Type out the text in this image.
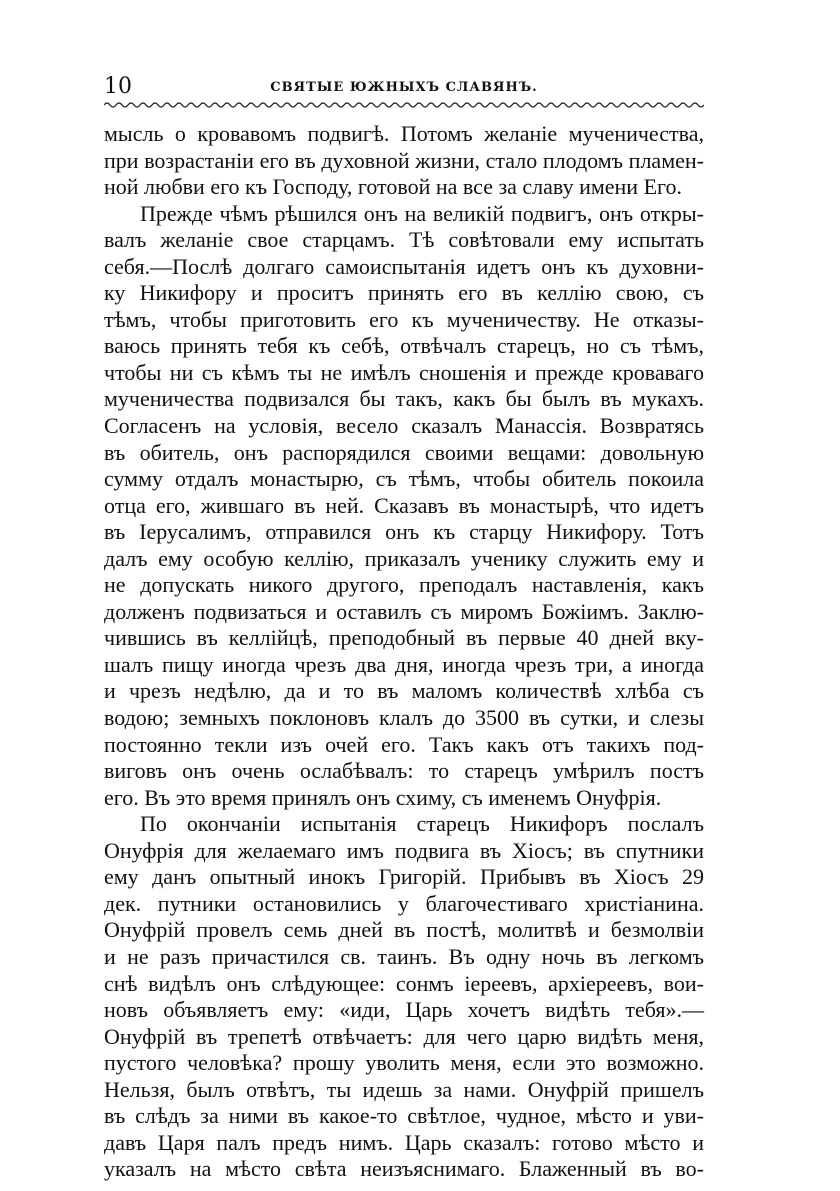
10	СВЯТЫЕ ЮЖНЫХЪ СЛАВЯНЪ.
мысль о кровавомъ подвигѣ. Потомъ желаніе мученичества,
при возрастаніи его въ духовной жизни, стало плодомъ пламен-
ной любви его къ Господу, готовой на все за славу имени Его.
Прежде чѣмъ рѣшился онъ на великій подвигъ, онъ откры-
валъ желаніе свое старцамъ. Тѣ совѣтовали ему испытать
себя.—Послѣ долгаго самоиспытанія идетъ онъ къ духовни-
ку Никифору и проситъ принять его въ келлію свою, съ
тѣмъ, чтобы приготовить его къ мученичеству. Не отказы-
ваюсь принять тебя къ себѣ, отвѣчалъ старецъ, но съ тѣмъ,
чтобы ни съ кѣмъ ты не имѣлъ сношенія и прежде кроваваго
мученичества подвизался бы такъ, какъ бы былъ въ мукахъ.
Согласенъ на условія, весело сказалъ Манассія. Возвратясь
въ обитель, онъ распорядился своими вещами: довольную
сумму отдалъ монастырю, съ тѣмъ, чтобы обитель покоила
отца его, жившаго въ ней. Сказавъ въ монастырѣ, что идетъ
въ Іерусалимъ, отправился онъ къ старцу Никифору. Тотъ
далъ ему особую келлію, приказалъ ученику служить ему и
не допускать никого другого, преподалъ наставленія, какъ
долженъ подвизаться и оставилъ съ миромъ Божіимъ. Заклю-
чившись въ келлійцѣ, преподобный въ первые 40 дней вку-
шалъ пищу иногда чрезъ два дня, иногда чрезъ три, а иногда
и чрезъ недѣлю, да и то въ маломъ количествѣ хлѣба съ
водою; земныхъ поклоновъ клалъ до 3500 въ сутки, и слезы
постоянно текли изъ очей его. Такъ какъ отъ такихъ под-
виговъ онъ очень ослабѣвалъ: то старецъ умѣрилъ постъ
его. Въ это время принялъ онъ схиму, съ именемъ Онуфрія.
По окончаніи испытанія старецъ Никифоръ послалъ
Онуфрія для желаемаго имъ подвига въ Хіосъ; въ спутники
ему данъ опытный инокъ Григорій. Прибывъ въ Хіосъ 29
дек. путники остановились у благочестиваго христіанина.
Онуфрій провелъ семь дней въ постѣ, молитвѣ и безмолвіи
и не разъ причастился св. таинъ. Въ одну ночь въ легкомъ
снѣ видѣлъ онъ слѣдующее: сонмъ іереевъ, архіереевъ, вои-
новъ объявляетъ ему: «иди, Царь хочетъ видѣть тебя».—
Онуфрій въ трепетѣ отвѣчаетъ: для чего царю видѣть меня,
пустого человѣка? прошу уволить меня, если это возможно.
Нельзя, былъ отвѣтъ, ты идешь за нами. Онуфрій пришелъ
въ слѣдъ за ними въ какое-то свѣтлое, чудное, мѣсто и уви-
давъ Царя палъ предъ нимъ. Царь сказалъ: готово мѣсто и
указалъ на мѣсто свѣта неизъяснимаго. Блаженный въ во-
